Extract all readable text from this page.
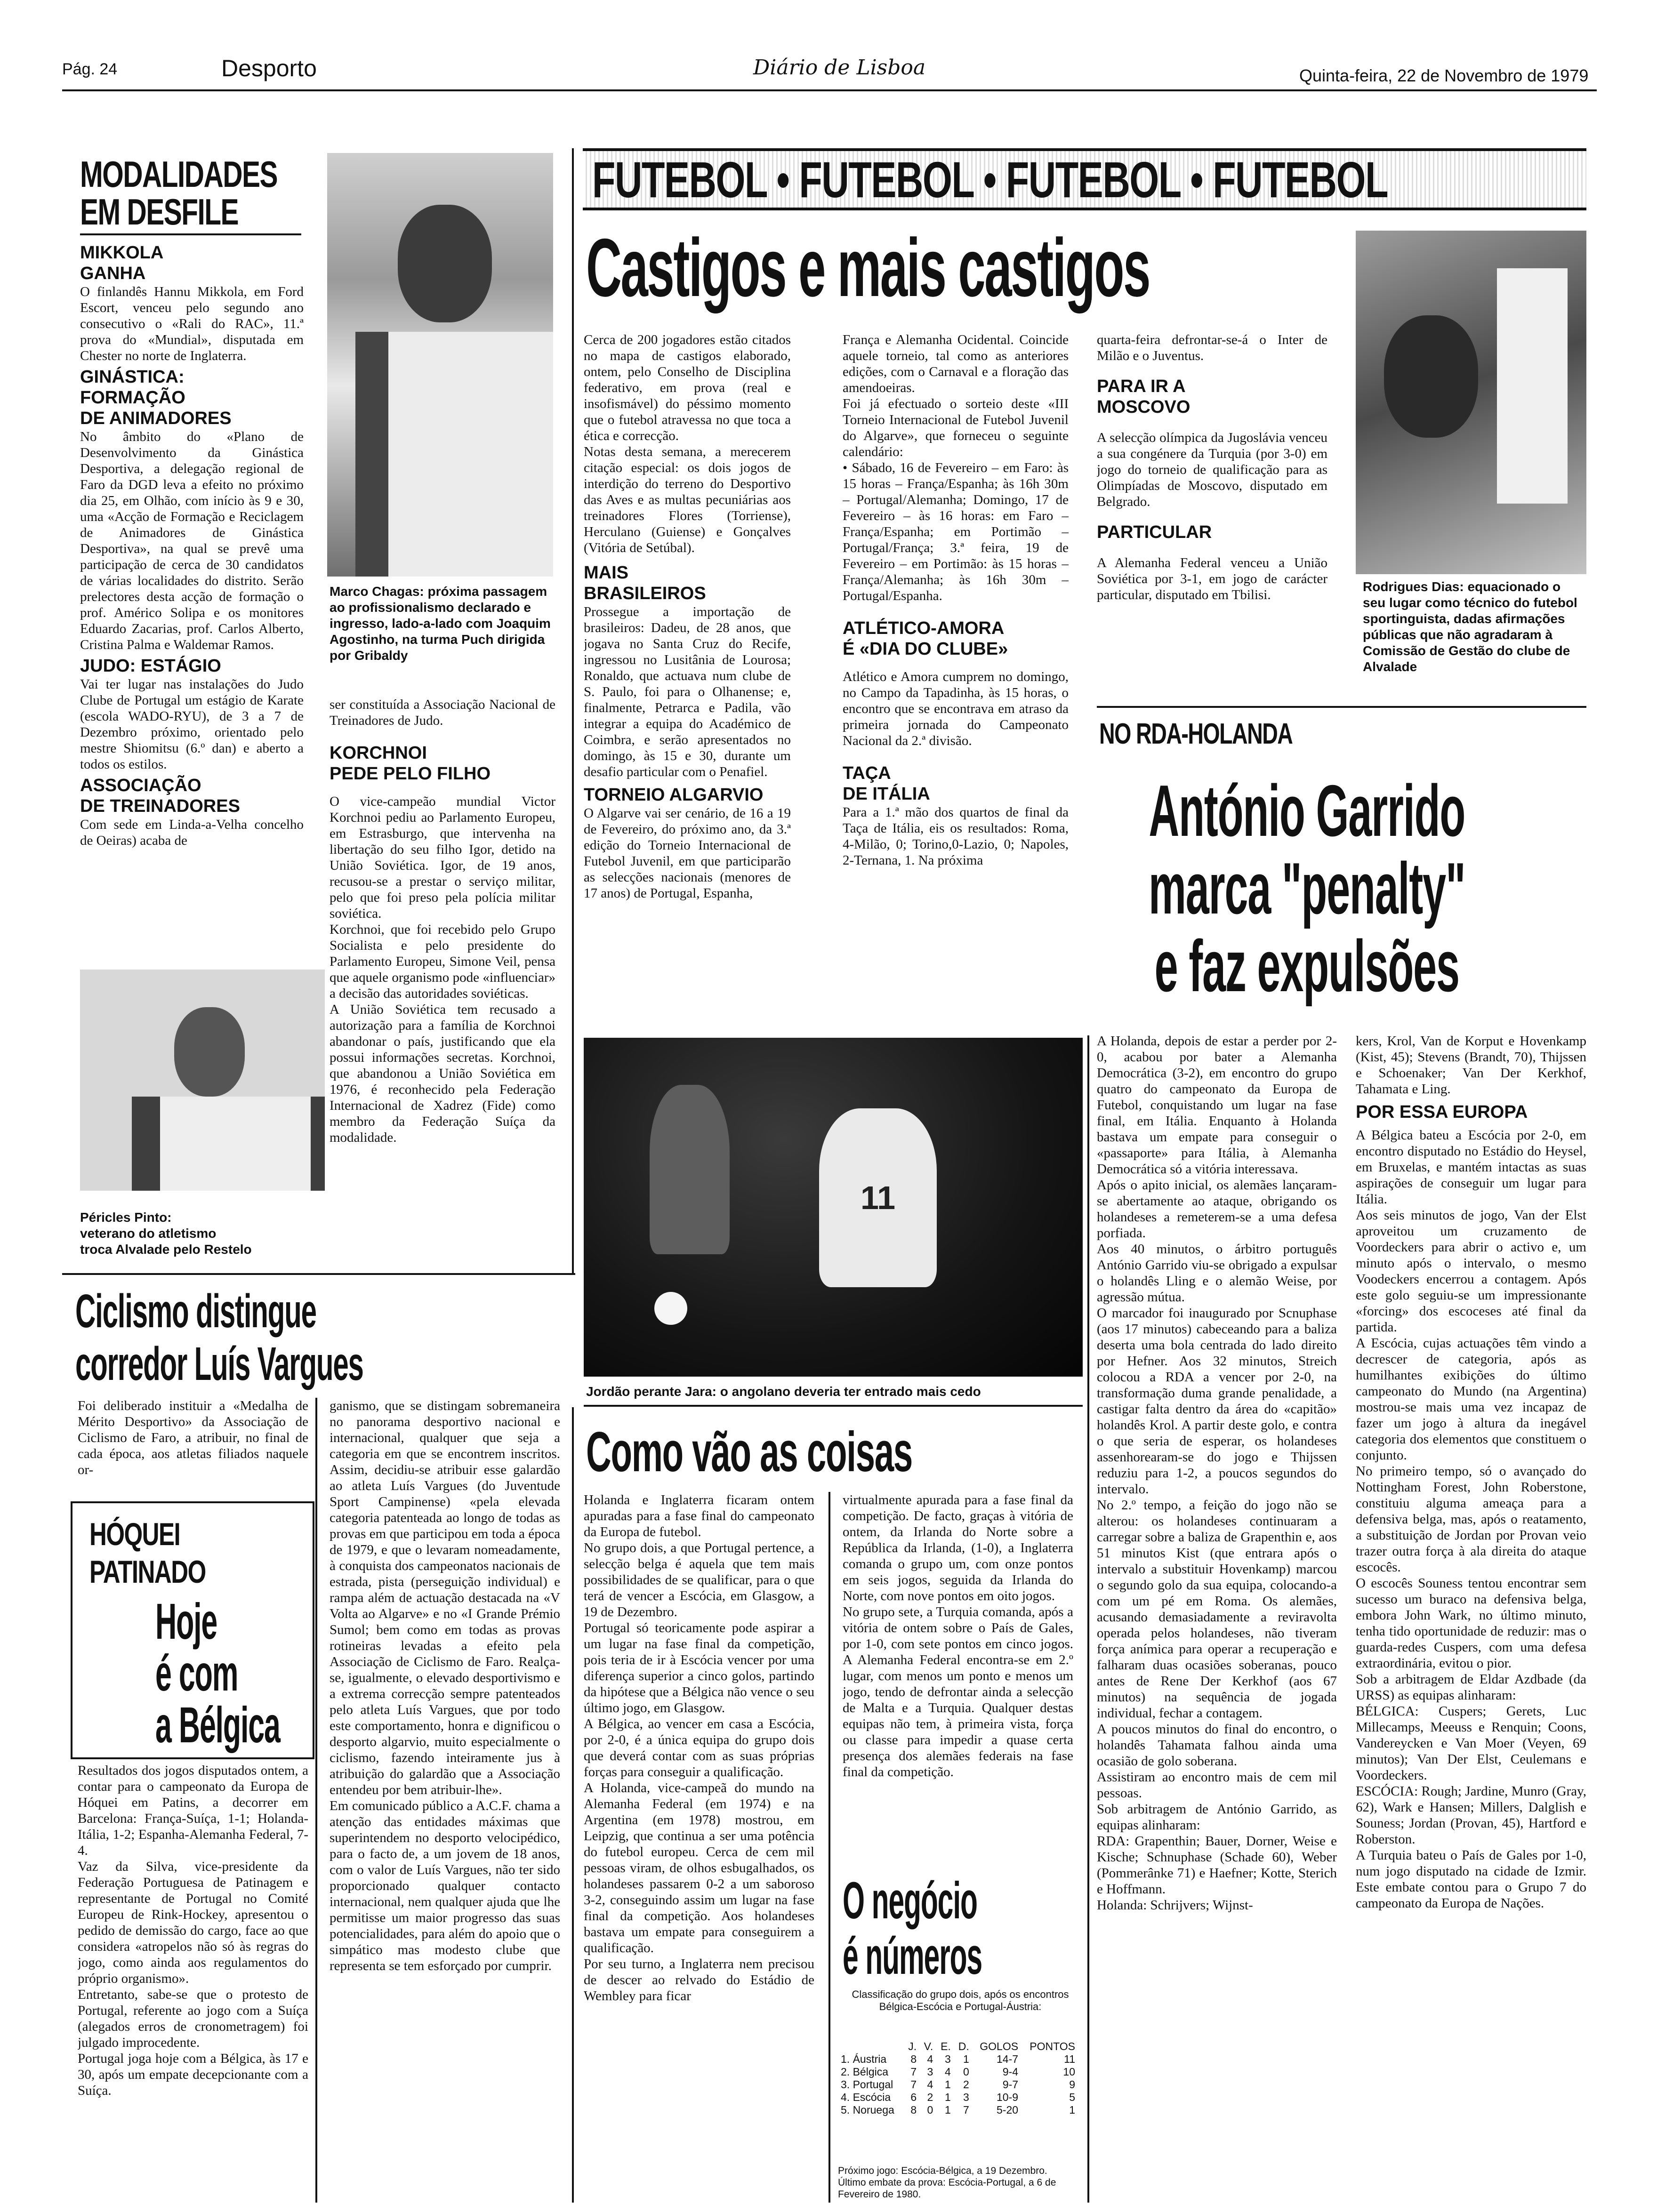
Pág. 24	Desporto	Diário de Lisboa	Quinta-feira, 22 de Novembro de 1979
MODALIDADES
EM DESFILE

MIKKOLA
GANHA

O finlandês Hannu Mikkola, em Ford Escort, venceu pelo segundo ano consecutivo o «Rali do RAC», 11.ª prova do «Mundial», disputada em Chester no norte de Inglaterra.

GINÁSTICA:
FORMAÇÃO
DE ANIMADORES

No âmbito do «Plano de Desenvolvimento da Ginástica Desportiva, a delegação regional de Faro da DGD leva a efeito no próximo dia 25, em Olhão, com início às 9 e 30, uma «Acção de Formação e Reciclagem de Animadores de Ginástica Desportiva», na qual se prevê uma participação de cerca de 30 candidatos de várias localidades do distrito. Serão prelectores desta acção de formação o prof. Américo Solipa e os monitores Eduardo Zacarias, prof. Carlos Alberto, Cristina Palma e Waldemar Ramos.

JUDO: ESTÁGIO

Vai ter lugar nas instalações do Judo Clube de Portugal um estágio de Karate (escola WADO-RYU), de 3 a 7 de Dezembro próximo, orientado pelo mestre Shiomitsu (6.º dan) e aberto a todos os estilos.

ASSOCIAÇÃO
DE TREINADORES

Com sede em Linda-a-Velha concelho de Oeiras) acaba de

Marco Chagas: próxima passagem ao profissionalismo declarado e ingresso, lado-a-lado com Joaquim Agostinho, na turma Puch dirigida por Gribaldy

ser constituída a Associação Nacional de Treinadores de Judo.

KORCHNOI
PEDE PELO FILHO

O vice-campeão mundial Victor Korchnoi pediu ao Parlamento Europeu, em Estrasburgo, que intervenha na libertação do seu filho Igor, detido na União Soviética. Igor, de 19 anos, recusou-se a prestar o serviço militar, pelo que foi preso pela polícia militar soviética.
Korchnoi, que foi recebido pelo Grupo Socialista e pelo presidente do Parlamento Europeu, Simone Veil, pensa que aquele organismo pode «influenciar» a decisão das autoridades soviéticas.
A União Soviética tem recusado a autorização para a família de Korchnoi abandonar o país, justificando que ela possui informações secretas. Korchnoi, que abandonou a União Soviética em 1976, é reconhecido pela Federação Internacional de Xadrez (Fide) como membro da Federação Suíça da modalidade.

Péricles Pinto:
veterano do atletismo
troca Alvalade pelo Restelo

FUTEBOL • FUTEBOL • FUTEBOL • FUTEBOL
Castigos e mais castigos

Cerca de 200 jogadores estão citados no mapa de castigos elaborado, ontem, pelo Conselho de Disciplina federativo, em prova (real e insofismável) do péssimo momento que o futebol atravessa no que toca a ética e correcção.
Notas desta semana, a merecerem citação especial: os dois jogos de interdição do terreno do Desportivo das Aves e as multas pecuniárias aos treinadores Flores (Torriense), Herculano (Guiense) e Gonçalves (Vitória de Setúbal).

MAIS
BRASILEIROS

Prossegue a importação de brasileiros: Dadeu, de 28 anos, que jogava no Santa Cruz do Recife, ingressou no Lusitânia de Lourosa; Ronaldo, que actuava num clube de S. Paulo, foi para o Olhanense; e, finalmente, Petrarca e Padila, vão integrar a equipa do Académico de Coimbra, e serão apresentados no domingo, às 15 e 30, durante um desafio particular com o Penafiel.

TORNEIO ALGARVIO

O Algarve vai ser cenário, de 16 a 19 de Fevereiro, do próximo ano, da 3.ª edição do Torneio Internacional de Futebol Juvenil, em que participarão as selecções nacionais (menores de 17 anos) de Portugal, Espanha,

França e Alemanha Ocidental. Coincide aquele torneio, tal como as anteriores edições, com o Carnaval e a floração das amendoeiras.
Foi já efectuado o sorteio deste «III Torneio Internacional de Futebol Juvenil do Algarve», que forneceu o seguinte calendário:
• Sábado, 16 de Fevereiro – em Faro: às 15 horas – França/Espanha; às 16h 30m – Portugal/Alemanha; Domingo, 17 de Fevereiro – às 16 horas: em Faro – França/Espanha; em Portimão – Portugal/França; 3.ª feira, 19 de Fevereiro – em Portimão: às 15 horas – França/Alemanha; às 16h 30m – Portugal/Espanha.

ATLÉTICO-AMORA
É «DIA DO CLUBE»

Atlético e Amora cumprem no domingo, no Campo da Tapadinha, às 15 horas, o encontro que se encontrava em atraso da primeira jornada do Campeonato Nacional da 2.ª divisão.

TAÇA
DE ITÁLIA

Para a 1.ª mão dos quartos de final da Taça de Itália, eis os resultados: Roma, 4-Milão, 0; Torino,0-Lazio, 0; Napoles, 2-Ternana, 1. Na próxima

quarta-feira defrontar-se-á o Inter de Milão e o Juventus.

PARA IR A
MOSCOVO

A selecção olímpica da Jugoslávia venceu a sua congénere da Turquia (por 3-0) em jogo do torneio de qualificação para as Olimpíadas de Moscovo, disputado em Belgrado.

PARTICULAR

A Alemanha Federal venceu a União Soviética por 3-1, em jogo de carácter particular, disputado em Tbilisi.

Rodrigues Dias: equacionado o seu lugar como técnico do futebol sportinguista, dadas afirmações públicas que não agradaram à Comissão de Gestão do clube de Alvalade

NO RDA-HOLANDA
António Garrido
marca "penalty"
e faz expulsões

A Holanda, depois de estar a perder por 2-0, acabou por bater a Alemanha Democrática (3-2), em encontro do grupo quatro do campeonato da Europa de Futebol, conquistando um lugar na fase final, em Itália. Enquanto à Holanda bastava um empate para conseguir o «passaporte» para Itália, à Alemanha Democrática só a vitória interessava.
Após o apito inicial, os alemães lançaram-se abertamente ao ataque, obrigando os holandeses a remeterem-se a uma defesa porfiada.
Aos 40 minutos, o árbitro português António Garrido viu-se obrigado a expulsar o holandês Lling e o alemão Weise, por agressão mútua.
O marcador foi inaugurado por Scnuphase (aos 17 minutos) cabeceando para a baliza deserta uma bola centrada do lado direito por Hefner. Aos 32 minutos, Streich colocou a RDA a vencer por 2-0, na transformação duma grande penalidade, a castigar falta dentro da área do «capitão» holandês Krol. A partir deste golo, e contra o que seria de esperar, os holandeses assenhorearam-se do jogo e Thijssen reduziu para 1-2, a poucos segundos do intervalo.
No 2.º tempo, a feição do jogo não se alterou: os holandeses continuaram a carregar sobre a baliza de Grapenthin e, aos 51 minutos Kist (que entrara após o intervalo a substituir Hovenkamp) marcou o segundo golo da sua equipa, colocando-a com um pé em Roma. Os alemães, acusando demasiadamente a reviravolta operada pelos holandeses, não tiveram força anímica para operar a recuperação e falharam duas ocasiões soberanas, pouco antes de Rene Der Kerkhof (aos 67 minutos) na sequência de jogada individual, fechar a contagem.
A poucos minutos do final do encontro, o holandês Tahamata falhou ainda uma ocasião de golo soberana.
Assistiram ao encontro mais de cem mil pessoas.
Sob arbitragem de António Garrido, as equipas alinharam:
RDA: Grapenthin; Bauer, Dorner, Weise e Kische; Schnuphase (Schade 60), Weber (Pommerânke 71) e Haefner; Kotte, Sterich e Hoffmann.
Holanda: Schrijvers; Wijnst-

kers, Krol, Van de Korput e Hovenkamp (Kist, 45); Stevens (Brandt, 70), Thijssen e Schoenaker; Van Der Kerkhof, Tahamata e Ling.

POR ESSA EUROPA

A Bélgica bateu a Escócia por 2-0, em encontro disputado no Estádio do Heysel, em Bruxelas, e mantém intactas as suas aspirações de conseguir um lugar para Itália.
Aos seis minutos de jogo, Van der Elst aproveitou um cruzamento de Voordeckers para abrir o activo e, um minuto após o intervalo, o mesmo Voodeckers encerrou a contagem. Após este golo seguiu-se um impressionante «forcing» dos escoceses até final da partida.
A Escócia, cujas actuações têm vindo a decrescer de categoria, após as humilhantes exibições do último campeonato do Mundo (na Argentina) mostrou-se mais uma vez incapaz de fazer um jogo à altura da inegável categoria dos elementos que constituem o conjunto.
No primeiro tempo, só o avançado do Nottingham Forest, John Roberstone, constituiu alguma ameaça para a defensiva belga, mas, após o reatamento, a substituição de Jordan por Provan veio trazer outra força à ala direita do ataque escocês.
O escocês Souness tentou encontrar sem sucesso um buraco na defensiva belga, embora John Wark, no último minuto, tenha tido oportunidade de reduzir: mas o guarda-redes Cuspers, com uma defesa extraordinária, evitou o pior.
Sob a arbitragem de Eldar Azdbade (da URSS) as equipas alinharam:
BÉLGICA: Cuspers; Gerets, Luc Millecamps, Meeuss e Renquin; Coons, Vandereycken e Van Moer (Veyen, 69 minutos); Van Der Elst, Ceulemans e Voordeckers.
ESCÓCIA: Rough; Jardine, Munro (Gray, 62), Wark e Hansen; Millers, Dalglish e Souness; Jordan (Provan, 45), Hartford e Roberston.
A Turquia bateu o País de Gales por 1-0, num jogo disputado na cidade de Izmir. Este embate contou para o Grupo 7 do campeonato da Europa de Nações.

11

Jordão perante Jara: o angolano deveria ter entrado mais cedo

Ciclismo distingue
corredor Luís Vargues

Foi deliberado instituir a «Medalha de Mérito Desportivo» da Associação de Ciclismo de Faro, a atribuir, no final de cada época, aos atletas filiados naquele or-

ganismo, que se distingam sobremaneira no panorama desportivo nacional e internacional, qualquer que seja a categoria em que se encontrem inscritos. Assim, decidiu-se atribuir esse galardão ao atleta Luís Vargues (do Juventude Sport Campinense) «pela elevada categoria patenteada ao longo de todas as provas em que participou em toda a época de 1979, e que o levaram nomeadamente, à conquista dos campeonatos nacionais de estrada, pista (perseguição individual) e rampa além de actuação destacada na «V Volta ao Algarve» e no «I Grande Prémio Sumol; bem como em todas as provas rotineiras levadas a efeito pela Associação de Ciclismo de Faro. Realça-se, igualmente, o elevado desportivismo e a extrema correcção sempre patenteados pelo atleta Luís Vargues, que por todo este comportamento, honra e dignificou o desporto algarvio, muito especialmente o ciclismo, fazendo inteiramente jus à atribuição do galardão que a Associação entendeu por bem atribuir-lhe».
Em comunicado público a A.C.F. chama a atenção das entidades máximas que superintendem no desporto velocipédico, para o facto de, a um jovem de 18 anos, com o valor de Luís Vargues, não ter sido proporcionado qualquer contacto internacional, nem qualquer ajuda que lhe permitisse um maior progresso das suas potencialidades, para além do apoio que o simpático mas modesto clube que representa se tem esforçado por cumprir.

HÓQUEI
PATINADO
Hoje
é com
a Bélgica

Resultados dos jogos disputados ontem, a contar para o campeonato da Europa de Hóquei em Patins, a decorrer em Barcelona: França-Suíça, 1-1; Holanda-Itália, 1-2; Espanha-Alemanha Federal, 7-4.
Vaz da Silva, vice-presidente da Federação Portuguesa de Patinagem e representante de Portugal no Comité Europeu de Rink-Hockey, apresentou o pedido de demissão do cargo, face ao que considera «atropelos não só às regras do jogo, como ainda aos regulamentos do próprio organismo».
Entretanto, sabe-se que o protesto de Portugal, referente ao jogo com a Suíça (alegados erros de cronometragem) foi julgado improcedente.
Portugal joga hoje com a Bélgica, às 17 e 30, após um empate decepcionante com a Suíça.

Como vão as coisas

Holanda e Inglaterra ficaram ontem apuradas para a fase final do campeonato da Europa de futebol.
No grupo dois, a que Portugal pertence, a selecção belga é aquela que tem mais possibilidades de se qualificar, para o que terá de vencer a Escócia, em Glasgow, a 19 de Dezembro.
Portugal só teoricamente pode aspirar a um lugar na fase final da competição, pois teria de ir à Escócia vencer por uma diferença superior a cinco golos, partindo da hipótese que a Bélgica não vence o seu último jogo, em Glasgow.
A Bélgica, ao vencer em casa a Escócia, por 2-0, é a única equipa do grupo dois que deverá contar com as suas próprias forças para conseguir a qualificação.
A Holanda, vice-campeã do mundo na Alemanha Federal (em 1974) e na Argentina (em 1978) mostrou, em Leipzig, que continua a ser uma potência do futebol europeu. Cerca de cem mil pessoas viram, de olhos esbugalhados, os holandeses passarem 0-2 a um saboroso 3-2, conseguindo assim um lugar na fase final da competição. Aos holandeses bastava um empate para conseguirem a qualificação.
Por seu turno, a Inglaterra nem precisou de descer ao relvado do Estádio de Wembley para ficar

virtualmente apurada para a fase final da competição. De facto, graças à vitória de ontem, da Irlanda do Norte sobre a República da Irlanda, (1-0), a Inglaterra comanda o grupo um, com onze pontos em seis jogos, seguida da Irlanda do Norte, com nove pontos em oito jogos.
No grupo sete, a Turquia comanda, após a vitória de ontem sobre o País de Gales, por 1-0, com sete pontos em cinco jogos. A Alemanha Federal encontra-se em 2.º lugar, com menos um ponto e menos um jogo, tendo de defrontar ainda a selecção de Malta e a Turquia. Qualquer destas equipas não tem, à primeira vista, força ou classe para impedir a quase certa presença dos alemães federais na fase final da competição.

O negócio
é números
Classificação do grupo dois, após os encontros Bélgica-Escócia e Portugal-Áustria:
	J.	V.	E.	D.	GOLOS	PONTOS
1. Áustria	8	4	3	1	14-7	11
2. Bélgica	7	3	4	0	9-4	10
3. Portugal	7	4	1	2	9-7	9
4. Escócia	6	2	1	3	10-9	5
5. Noruega	8	0	1	7	5-20	1
Próximo jogo: Escócia-Bélgica, a 19 Dezembro. Último embate da prova: Escócia-Portugal, a 6 de Fevereiro de 1980.
